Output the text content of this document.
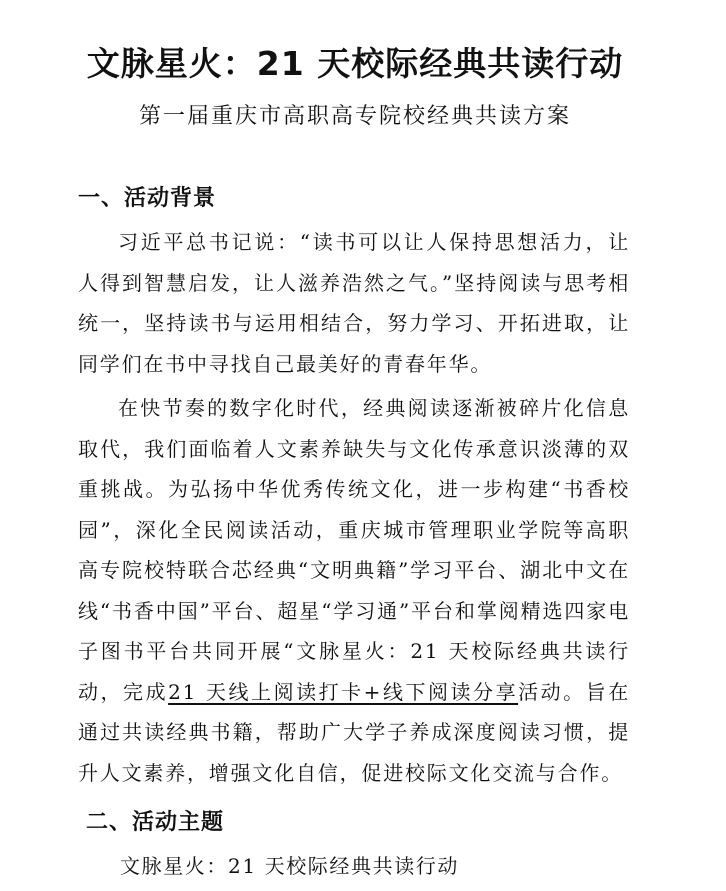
文脉星火：21 天校际经典共读行动
第一届重庆市高职高专院校经典共读方案
一、活动背景

习近平总书记说：“读书可以让人保持思想活力，让人得到智慧启发，让人滋养浩然之气。”坚持阅读与思考相统一，坚持读书与运用相结合，努力学习、开拓进取，让同学们在书中寻找自己最美好的青春年华。

在快节奏的数字化时代，经典阅读逐渐被碎片化信息取代，我们面临着人文素养缺失与文化传承意识淡薄的双重挑战。为弘扬中华优秀传统文化，进一步构建“书香校园”，深化全民阅读活动，重庆城市管理职业学院等高职高专院校特联合芯经典“文明典籍”学习平台、湖北中文在线“书香中国”平台、超星“学习通”平台和掌阅精选四家电子图书平台共同开展“文脉星火：21 天校际经典共读行动，完成21 天线上阅读打卡+线下阅读分享活动。旨在通过共读经典书籍，帮助广大学子养成深度阅读习惯，提升人文素养，增强文化自信，促进校际文化交流与合作。

二、活动主题
文脉星火：21 天校际经典共读行动
